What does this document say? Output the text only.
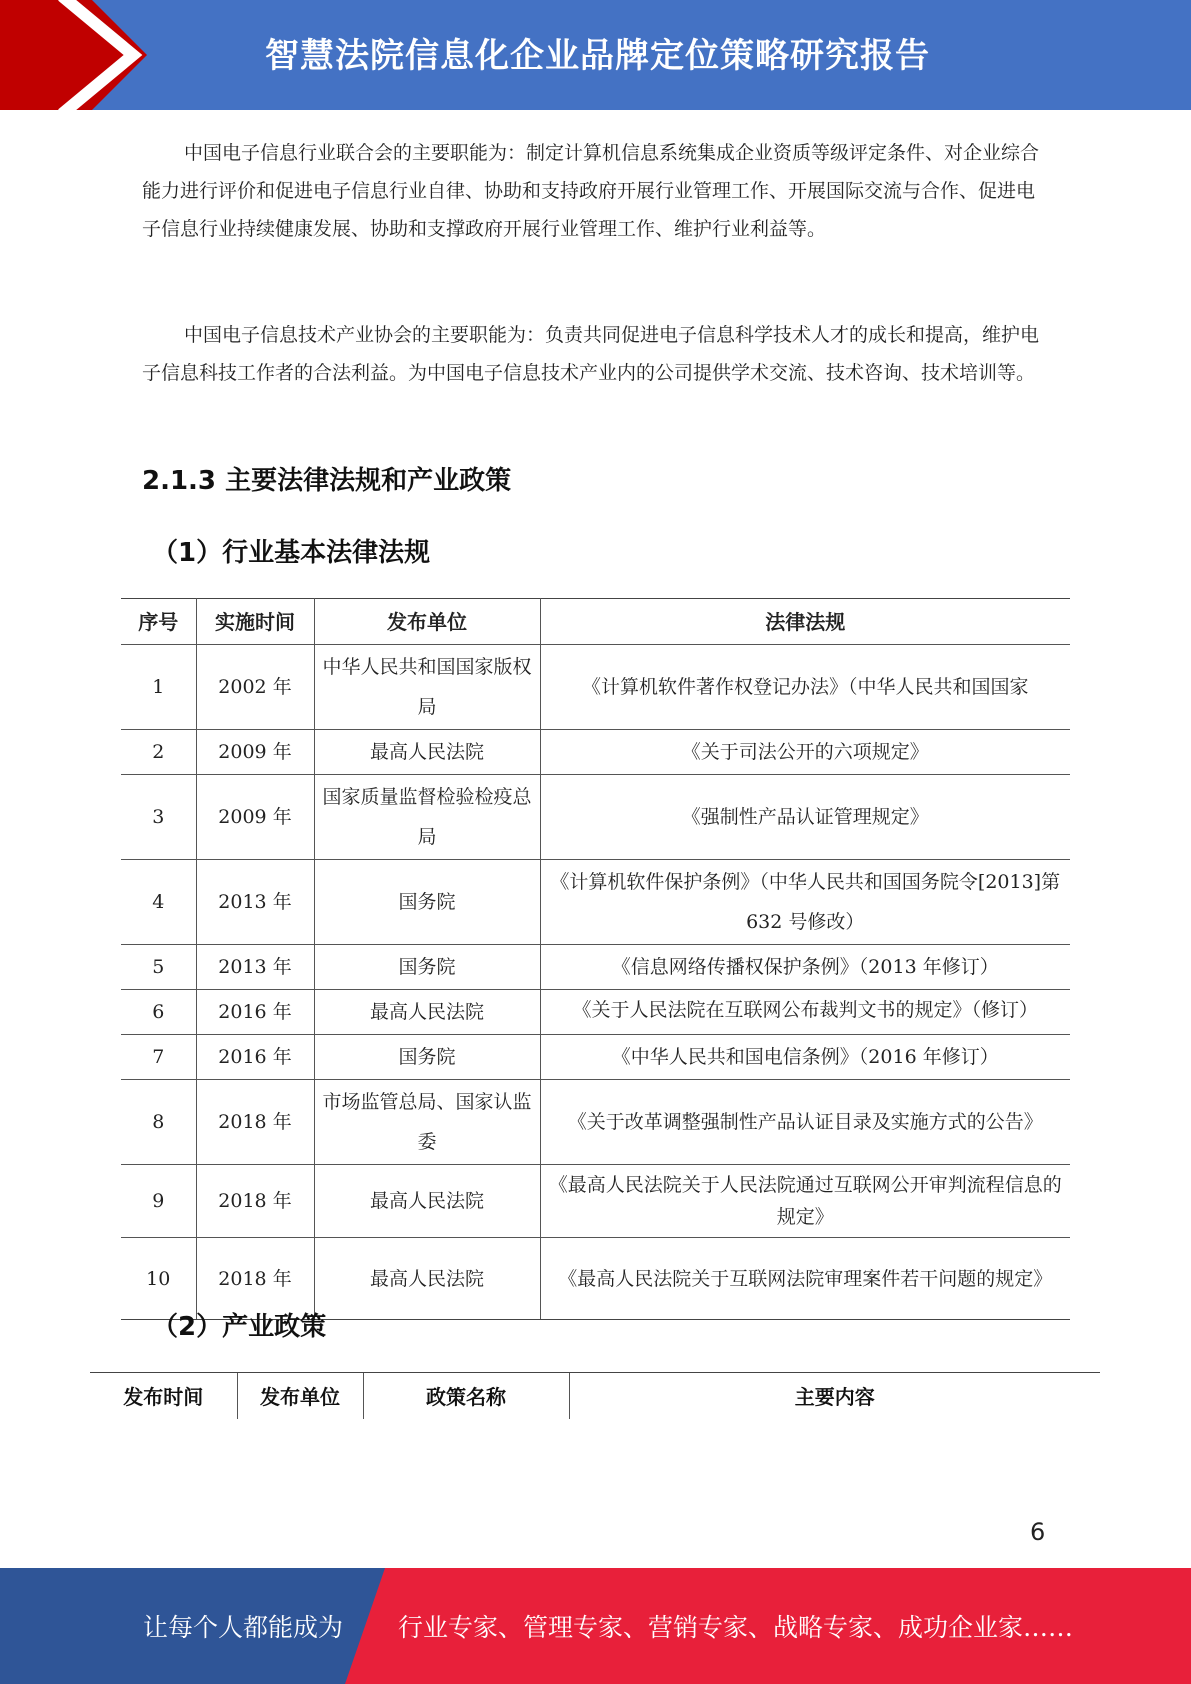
智慧法院信息化企业品牌定位策略研究报告
中国电子信息行业联合会的主要职能为：制定计算机信息系统集成企业资质等级评定条件、对企业综合能力进行评价和促进电子信息行业自律、协助和支持政府开展行业管理工作、开展国际交流与合作、促进电子信息行业持续健康发展、协助和支撑政府开展行业管理工作、维护行业利益等。
中国电子信息技术产业协会的主要职能为：负责共同促进电子信息科学技术人才的成长和提高，维护电子信息科技工作者的合法利益。为中国电子信息技术产业内的公司提供学术交流、技术咨询、技术培训等。
2.1.3 主要法律法规和产业政策
（1）行业基本法律法规
序号	实施时间	发布单位	法律法规
1	2002 年	中华人民共和国国家版权局	《计算机软件著作权登记办法》（中华人民共和国国家
2	2009 年	最高人民法院	《关于司法公开的六项规定》
3	2009 年	国家质量监督检验检疫总局	《强制性产品认证管理规定》
4	2013 年	国务院	《计算机软件保护条例》（中华人民共和国国务院令[2013]第 632 号修改）
5	2013 年	国务院	《信息网络传播权保护条例》（2013 年修订）
6	2016 年	最高人民法院	《关于人民法院在互联网公布裁判文书的规定》（修订）

7	2016 年	国务院	《中华人民共和国电信条例》（2016 年修订）
8	2018 年	市场监管总局、国家认监委	《关于改革调整强制性产品认证目录及实施方式的公告》
9	2018 年	最高人民法院	《最高人民法院关于人民法院通过互联网公开审判流程信息的规定》
10	2018 年	最高人民法院	《最高人民法院关于互联网法院审理案件若干问题的规定》
（2）产业政策
发布时间	发布单位	政策名称	主要内容
6
让每个人都能成为 行业专家、管理专家、营销专家、战略专家、成功企业家……
